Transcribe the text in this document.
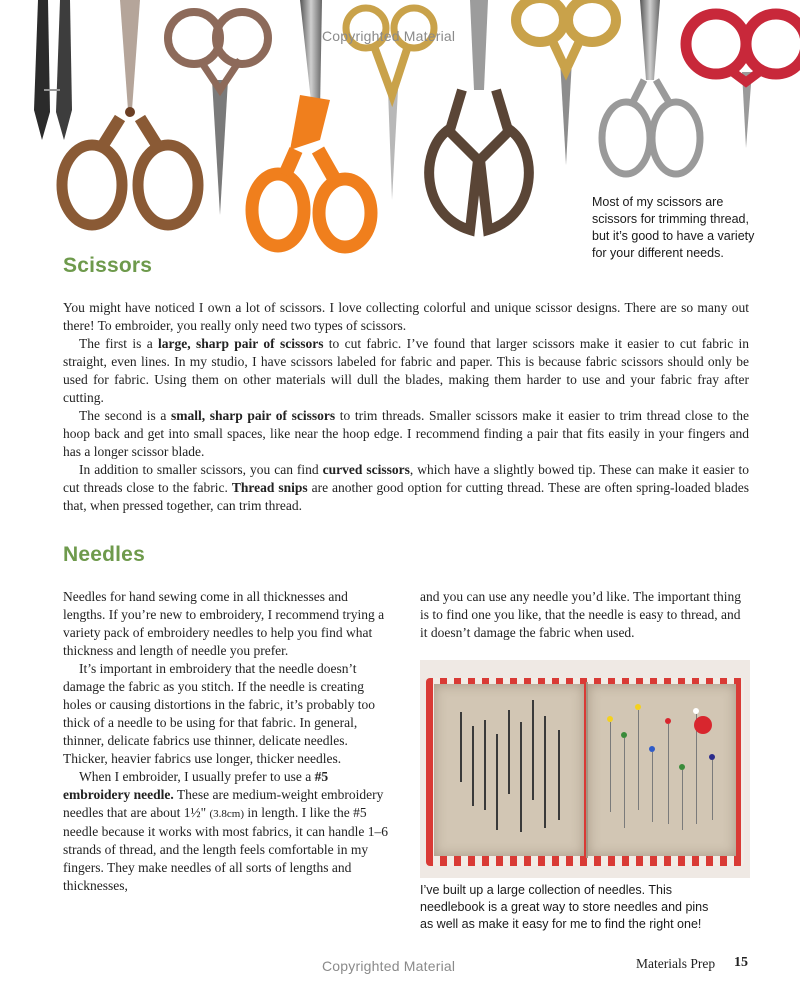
Copyrighted Material
Most of my scissors are
scissors for trimming thread,
but it’s good to have a variety
for your different needs.
Scissors

You might have noticed I own a lot of scissors. I love collecting colorful and unique scissor designs. There are so many out there! To embroider, you really only need two types of scissors.

The first is a large, sharp pair of scissors to cut fabric. I’ve found that larger scissors make it easier to cut fabric in straight, even lines. In my studio, I have scissors labeled for fabric and paper. This is because fabric scissors should only be used for fabric. Using them on other materials will dull the blades, making them harder to use and your fabric fray after cutting.

The second is a small, sharp pair of scissors to trim threads. Smaller scissors make it easier to trim thread close to the hoop back and get into small spaces, like near the hoop edge. I recommend finding a pair that fits easily in your fingers and has a longer scissor blade.

In addition to smaller scissors, you can find curved scissors, which have a slightly bowed tip. These can make it easier to cut threads close to the fabric. Thread snips are another good option for cutting thread. These are often spring-loaded blades that, when pressed together, can trim thread.

Needles

Needles for hand sewing come in all thicknesses and lengths. If you’re new to embroidery, I recommend trying a variety pack of embroidery needles to help you find what thickness and length of needle you prefer.

It’s important in embroidery that the needle doesn’t damage the fabric as you stitch. If the needle is creating holes or causing distortions in the fabric, it’s probably too thick of a needle to be using for that fabric. In general, thinner, delicate fabrics use thinner, delicate needles. Thicker, heavier fabrics use longer, thicker needles.

When I embroider, I usually prefer to use a #5 embroidery needle. These are medium-weight embroidery needles that are about 1½" (3.8cm) in length. I like the #5 needle because it works with most fabrics, it can handle 1–6 strands of thread, and the length feels comfortable in my fingers. They make needles of all sorts of lengths and thicknesses,

and you can use any needle you’d like. The important thing is to find one you like, that the needle is easy to thread, and it doesn’t damage the fabric when used.

I’ve built up a large collection of needles. This
needlebook is a great way to store needles and pins
as well as make it easy for me to find the right one!
Copyrighted Material	Materials Prep 15
